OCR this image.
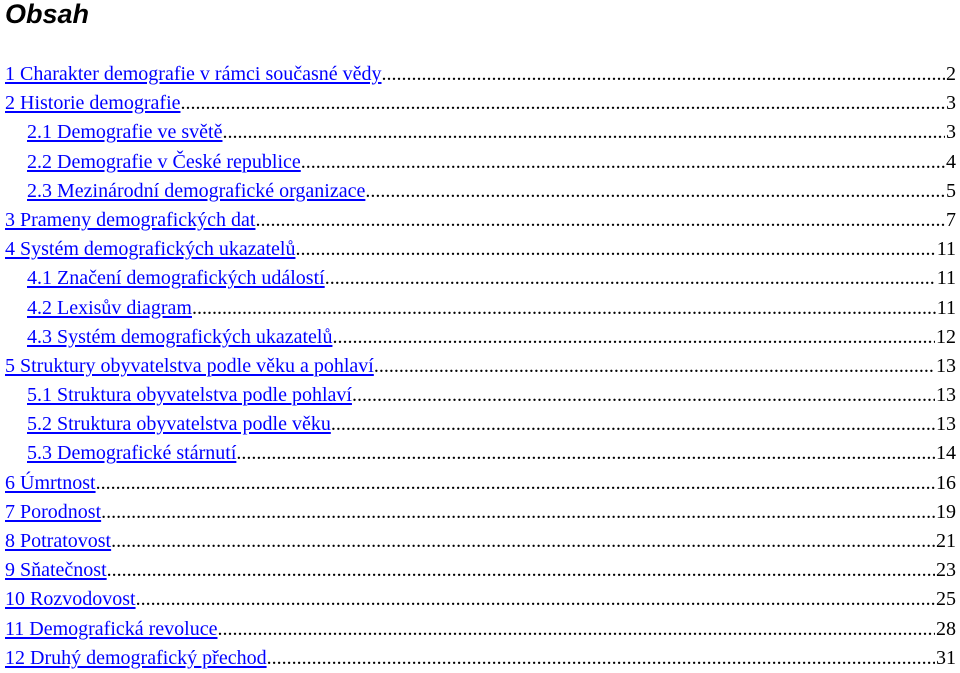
Obsah
1 Charakter demografie v rámci současné vědy .....	2
2 Historie demografie .....	3
2.1 Demografie ve světě .....	3
2.2 Demografie v České republice .....	4
2.3 Mezinárodní demografické organizace .....	5
3 Prameny demografických dat .....	7
4 Systém demografických ukazatelů .....	11
4.1 Značení demografických událostí .....	11
4.2 Lexisův diagram .....	11
4.3 Systém demografických ukazatelů .....	12
5 Struktury obyvatelstva podle věku a pohlaví .....	13
5.1 Struktura obyvatelstva podle pohlaví .....	13
5.2 Struktura obyvatelstva podle věku .....	13
5.3 Demografické stárnutí .....	14
6 Úmrtnost .....	16
7 Porodnost .....	19
8 Potratovost .....	21
9 Sňatečnost .....	23
10 Rozvodovost .....	25
11 Demografická revoluce .....	28
12 Druhý demografický přechod .....	31
